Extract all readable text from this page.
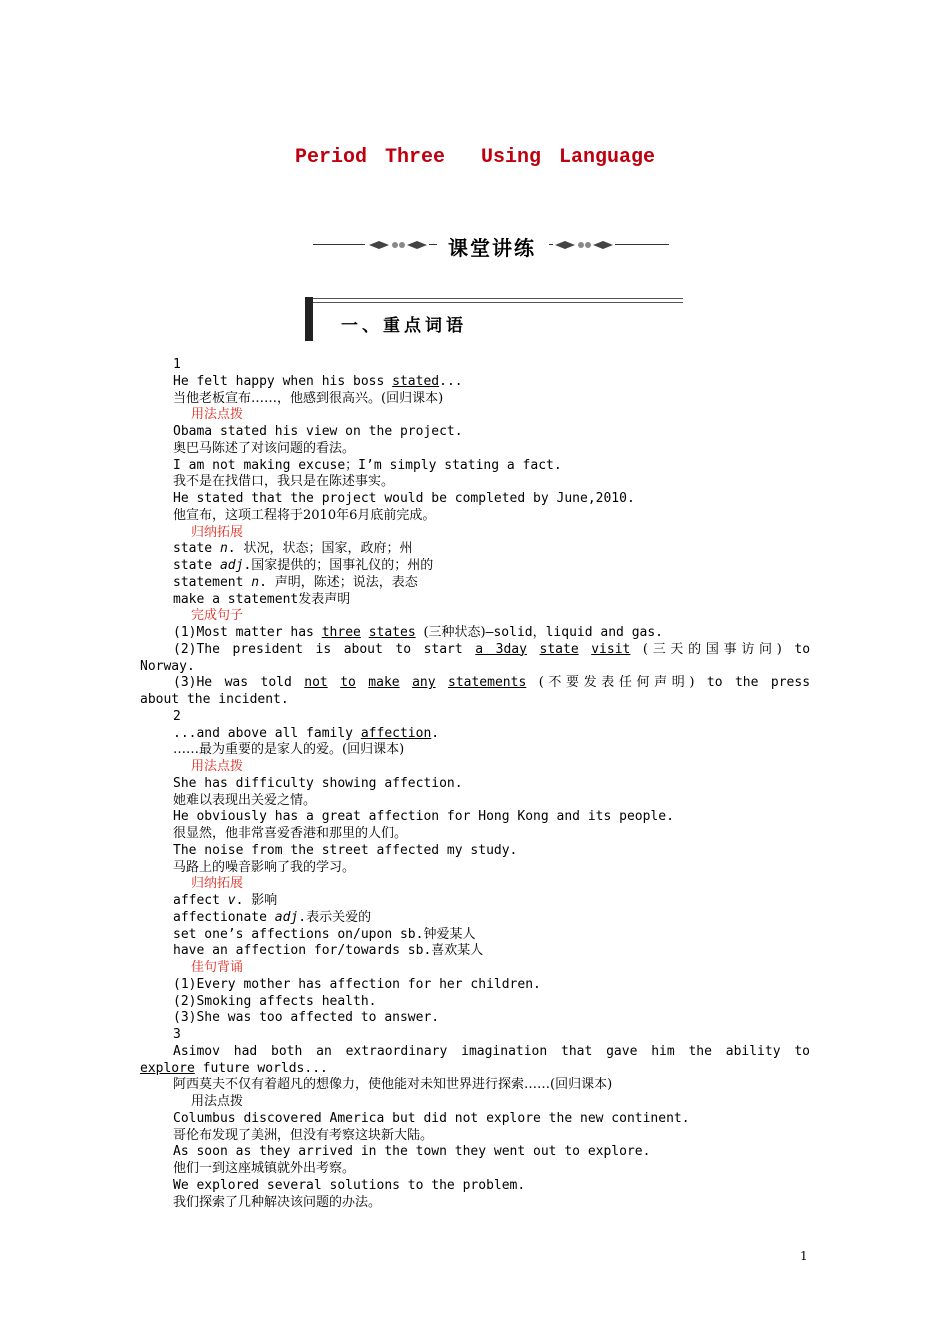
Period Three  Using Language
课堂讲练
一、重点词语
1
He felt happy when his boss stated...
当他老板宣布……，他感到很高兴。(回归课本)
用法点拨
Obama stated his view on the project.
奥巴马陈述了对该问题的看法。
I am not making excuse；I’m simply stating a fact.
我不是在找借口，我只是在陈述事实。
He stated that the project would be completed by June,2010.
他宣布，这项工程将于2010年6月底前完成。
归纳拓展
state n. 状况，状态；国家，政府；州
state adj.国家提供的；国事礼仪的；州的
statement n. 声明，陈述；说法，表态
make a statement发表声明
完成句子
(1)Most matter has three states (三种状态)—solid，liquid and gas.
(2)The president is about to start a 3day state visit (三天的国事访问) to
Norway.
(3)He was told not to make any statements (不要发表任何声明) to the press
about the incident.
2
...and above all family affection.
……最为重要的是家人的爱。(回归课本)
用法点拨
She has difficulty showing affection.
她难以表现出关爱之情。
He obviously has a great affection for Hong Kong and its people.
很显然，他非常喜爱香港和那里的人们。
The noise from the street affected my study.
马路上的噪音影响了我的学习。
归纳拓展
affect v. 影响
affectionate adj.表示关爱的
set one’s affections on/upon sb.钟爱某人
have an affection for/towards sb.喜欢某人
佳句背诵
(1)Every mother has affection for her children.
(2)Smoking affects health.
(3)She was too affected to answer.
3
Asimov had both an extraordinary imagination that gave him the ability to
explore future worlds...
阿西莫夫不仅有着超凡的想像力，使他能对未知世界进行探索……(回归课本)
用法点拨
Columbus discovered America but did not explore the new continent.
哥伦布发现了美洲，但没有考察这块新大陆。
As soon as they arrived in the town they went out to explore.
他们一到这座城镇就外出考察。
We explored several solutions to the problem.
我们探索了几种解决该问题的办法。
1
